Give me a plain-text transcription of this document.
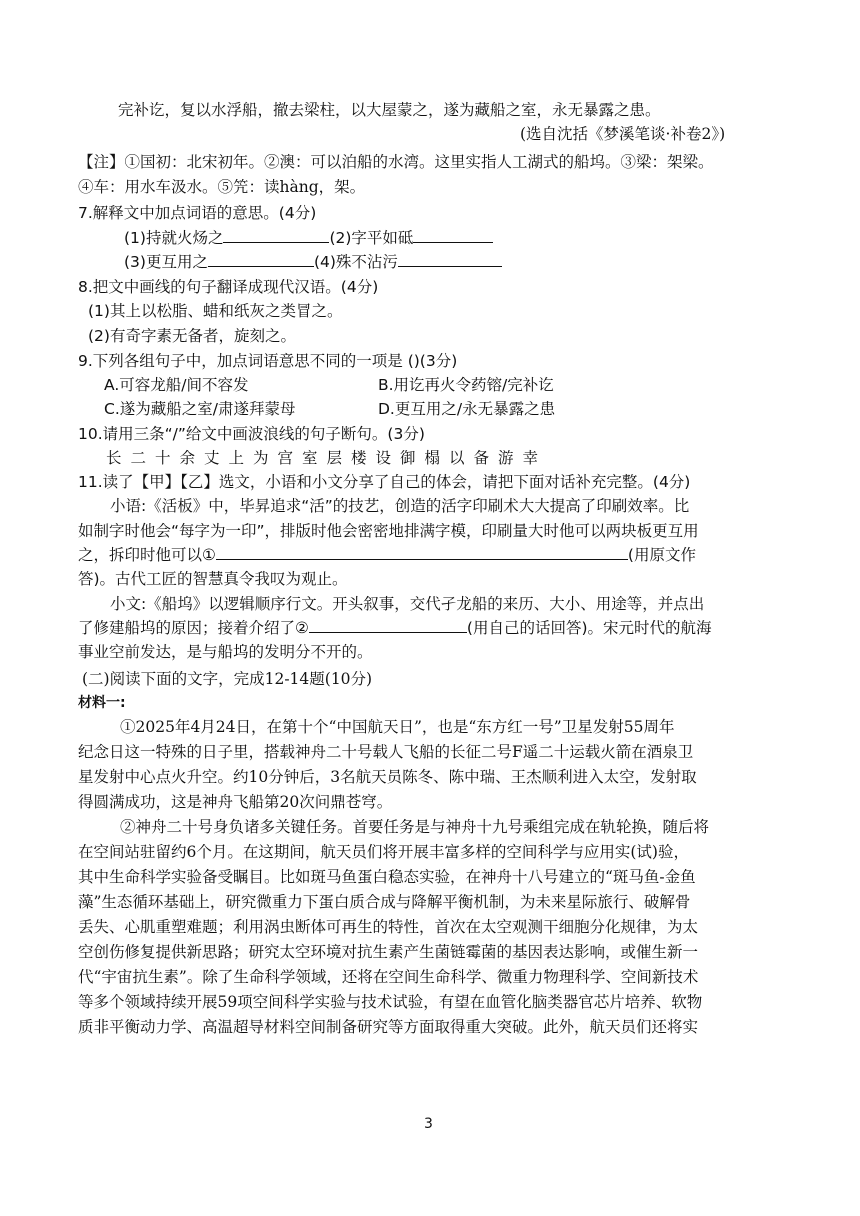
完补讫，复以水浮船，撤去梁柱，以大屋蒙之，遂为藏船之室，永无暴露之患。
(选自沈括《梦溪笔谈·补卷2》)
【注】①国初：北宋初年。②澳：可以泊船的水湾。这里实指人工湖式的船坞。③梁：架梁。
④车：用水车汲水。⑤笐：读hàng，架。
7.解释文中加点词语的意思。(4分)
(1)持就火炀之	(2)字平如砥
(3)更互用之	(4)殊不沾污
8.把文中画线的句子翻译成现代汉语。(4分)
(1)其上以松脂、蜡和纸灰之类冒之。
(2)有奇字素无备者，旋刻之。
9.下列各组句子中，加点词语意思不同的一项是 ()(3分)
A.可容龙船/间不容发	B.用讫再火令药镕/完补讫
C.遂为藏船之室/肃遂拜蒙母	D.更互用之/永无暴露之患
10.请用三条“/”给文中画波浪线的句子断句。(3分)
长二十余丈上为宫室层楼设御榻以备游幸
11.读了【甲】【乙】选文，小语和小文分享了自己的体会，请把下面对话补充完整。(4分)
小语:《活板》中，毕昇追求“活”的技艺，创造的活字印刷术大大提高了印刷效率。比
如制字时他会“每字为一印”，排版时他会密密地排满字模，印刷量大时他可以两块板更互用
之，拆印时他可以①	(用原文作
答)。古代工匠的智慧真令我叹为观止。
小文:《船坞》以逻辑顺序行文。开头叙事，交代孑龙船的来历、大小、用途等，并点出
了修建船坞的原因；接着介绍了②	(用自己的话回答)。宋元时代的航海
事业空前发达，是与船坞的发明分不开的。
(二)阅读下面的文字，完成12-14题(10分)
材料一:
①2025年4月24日，在第十个“中国航天日”，也是“东方红一号”卫星发射55周年
纪念日这一特殊的日子里，搭载神舟二十号载人飞船的长征二号F遥二十运载火箭在酒泉卫
星发射中心点火升空。约10分钟后，3名航天员陈冬、陈中瑞、王杰顺利进入太空，发射取
得圆满成功，这是神舟飞船第20次问鼎苍穹。
②神舟二十号身负诸多关键任务。首要任务是与神舟十九号乘组完成在轨轮换，随后将
在空间站驻留约6个月。在这期间，航天员们将开展丰富多样的空间科学与应用实(试)验，
其中生命科学实验备受瞩目。比如斑马鱼蛋白稳态实验，在神舟十八号建立的“斑马鱼-金鱼
藻”生态循环基础上，研究微重力下蛋白质合成与降解平衡机制，为未来星际旅行、破解骨
丢失、心肌重塑难题；利用涡虫断体可再生的特性，首次在太空观测干细胞分化规律，为太
空创伤修复提供新思路；研究太空环境对抗生素产生菌链霉菌的基因表达影响，或催生新一
代“宇宙抗生素”。除了生命科学领域，还将在空间生命科学、微重力物理科学、空间新技术
等多个领域持续开展59项空间科学实验与技术试验，有望在血管化脑类器官芯片培养、软物
质非平衡动力学、高温超导材料空间制备研究等方面取得重大突破。此外，航天员们还将实
3
